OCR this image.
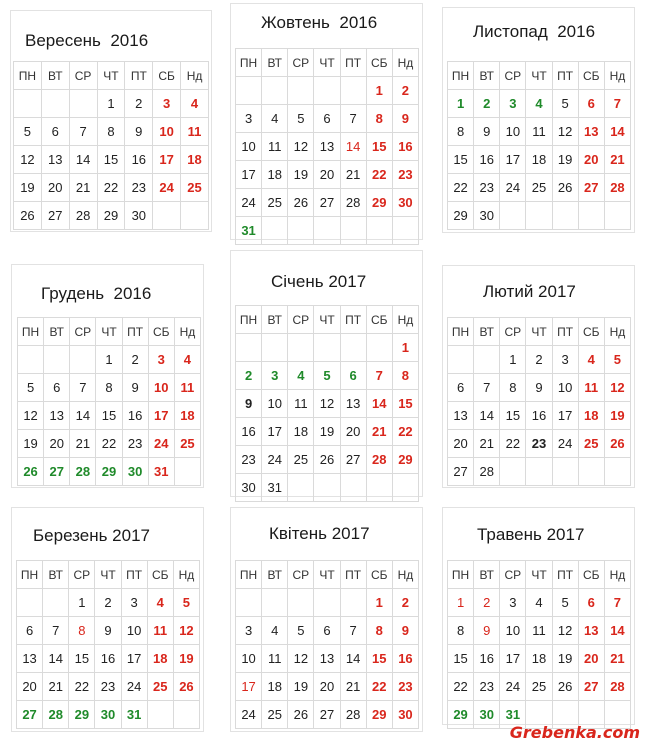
Вересень  2016
ПН	ВТ	СР	ЧТ	ПТ	СБ	Нд
			1	2	3	4
5	6	7	8	9	10	11
12	13	14	15	16	17	18
19	20	21	22	23	24	25
26	27	28	29	30		
Жовтень  2016
ПН	ВТ	СР	ЧТ	ПТ	СБ	Нд
					1	2
3	4	5	6	7	8	9
10	11	12	13	14	15	16
17	18	19	20	21	22	23
24	25	26	27	28	29	30
31						
Листопад  2016
ПН	ВТ	СР	ЧТ	ПТ	СБ	Нд
1	2	3	4	5	6	7
8	9	10	11	12	13	14
15	16	17	18	19	20	21
22	23	24	25	26	27	28
29	30					
Грудень  2016
ПН	ВТ	СР	ЧТ	ПТ	СБ	Нд
			1	2	3	4
5	6	7	8	9	10	11
12	13	14	15	16	17	18
19	20	21	22	23	24	25
26	27	28	29	30	31	
Січень 2017
ПН	ВТ	СР	ЧТ	ПТ	СБ	Нд
						1
2	3	4	5	6	7	8
9	10	11	12	13	14	15
16	17	18	19	20	21	22
23	24	25	26	27	28	29
30	31					
Лютий 2017
ПН	ВТ	СР	ЧТ	ПТ	СБ	Нд
		1	2	3	4	5
6	7	8	9	10	11	12
13	14	15	16	17	18	19
20	21	22	23	24	25	26
27	28					
Березень 2017
ПН	ВТ	СР	ЧТ	ПТ	СБ	Нд
		1	2	3	4	5
6	7	8	9	10	11	12
13	14	15	16	17	18	19
20	21	22	23	24	25	26
27	28	29	30	31		
Квітень 2017
ПН	ВТ	СР	ЧТ	ПТ	СБ	Нд
					1	2
3	4	5	6	7	8	9
10	11	12	13	14	15	16
17	18	19	20	21	22	23
24	25	26	27	28	29	30
Травень 2017
ПН	ВТ	СР	ЧТ	ПТ	СБ	Нд
1	2	3	4	5	6	7
8	9	10	11	12	13	14
15	16	17	18	19	20	21
22	23	24	25	26	27	28
29	30	31				
Grebenka.com
